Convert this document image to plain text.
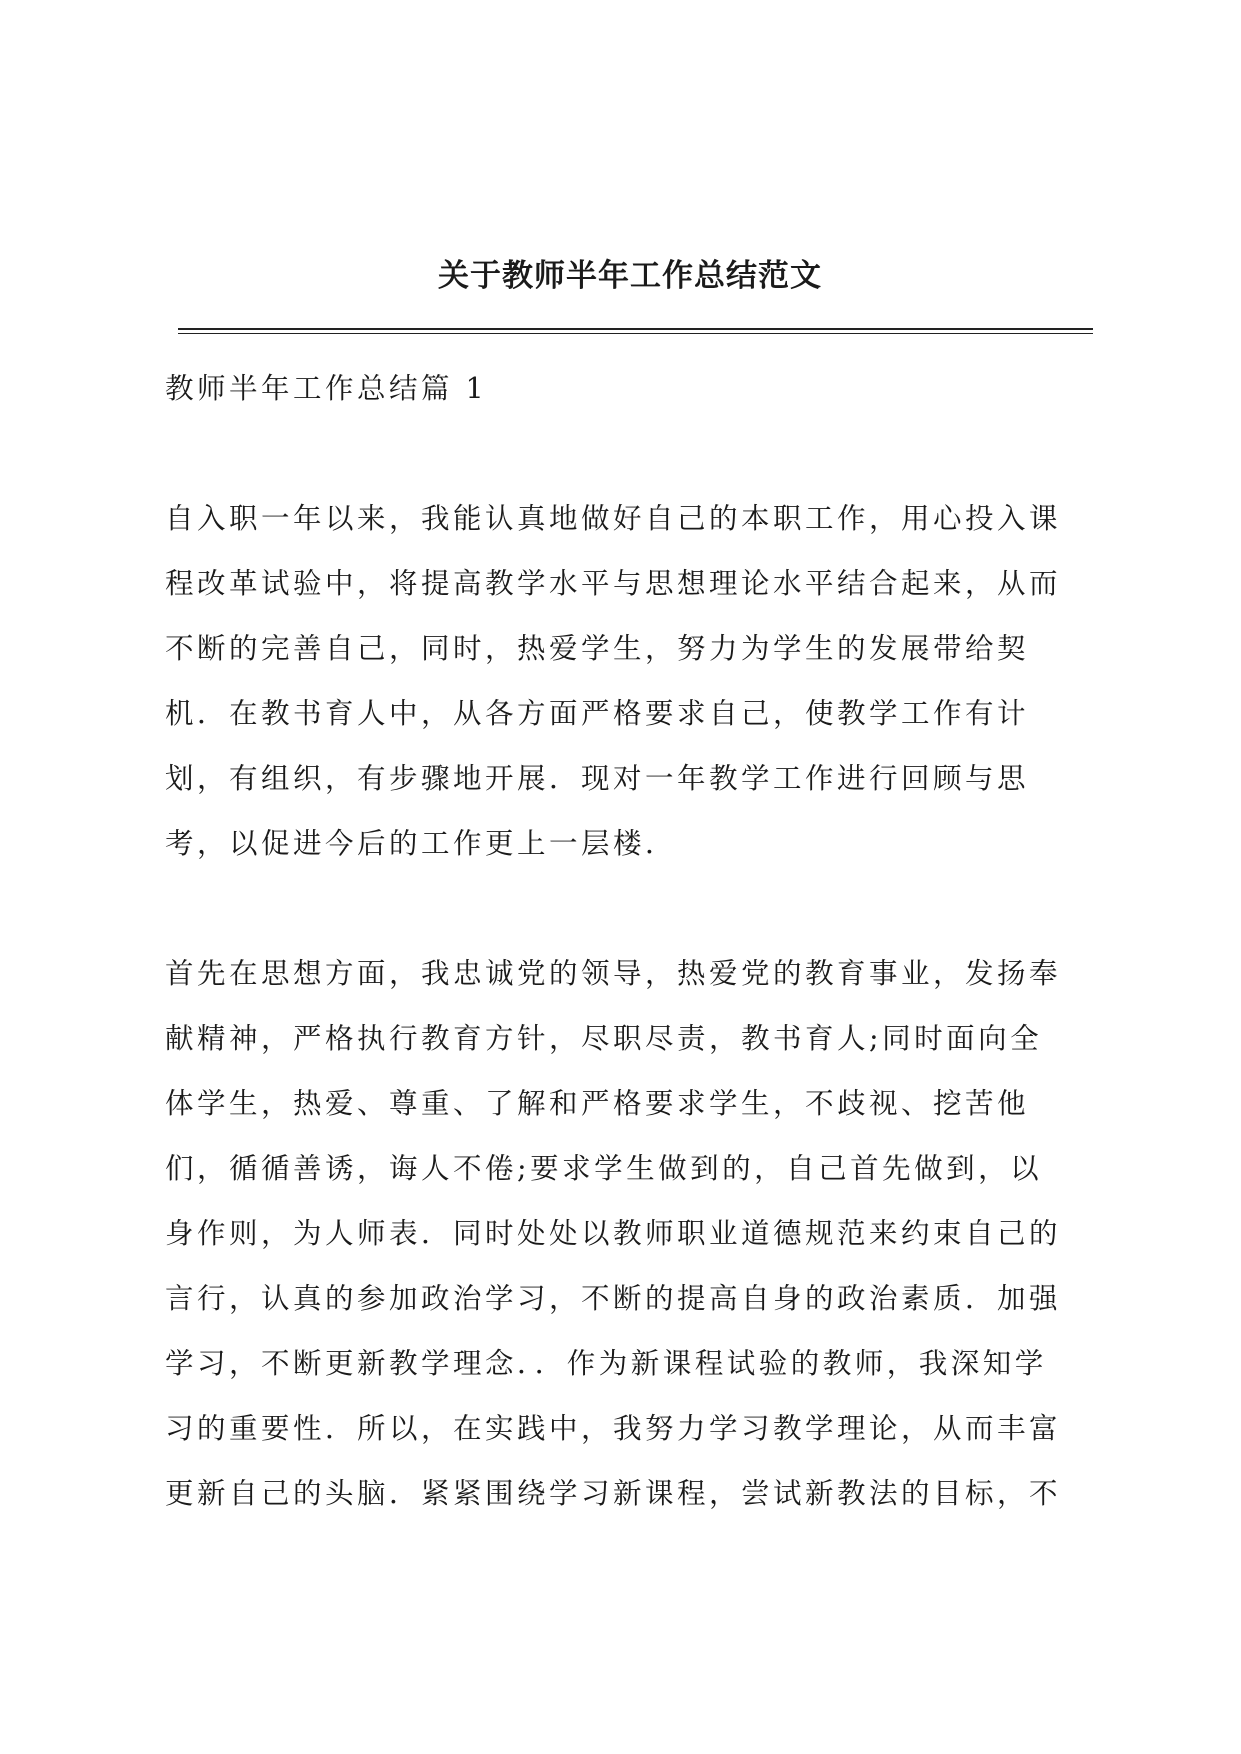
关于教师半年工作总结范文

教师半年工作总结篇 1

自入职一年以来，我能认真地做好自己的本职工作，用心投入课
程改革试验中，将提高教学水平与思想理论水平结合起来，从而
不断的完善自己，同时，热爱学生，努力为学生的发展带给契
机．在教书育人中，从各方面严格要求自己，使教学工作有计
划，有组织，有步骤地开展．现对一年教学工作进行回顾与思
考，以促进今后的工作更上一层楼．

首先在思想方面，我忠诚党的领导，热爱党的教育事业，发扬奉
献精神，严格执行教育方针，尽职尽责，教书育人;同时面向全
体学生，热爱、尊重、了解和严格要求学生，不歧视、挖苦他
们，循循善诱，诲人不倦;要求学生做到的，自己首先做到，以
身作则，为人师表．同时处处以教师职业道德规范来约束自己的
言行，认真的参加政治学习，不断的提高自身的政治素质．加强
学习，不断更新教学理念．．作为新课程试验的教师，我深知学
习的重要性．所以，在实践中，我努力学习教学理论，从而丰富
更新自己的头脑．紧紧围绕学习新课程，尝试新教法的目标，不
